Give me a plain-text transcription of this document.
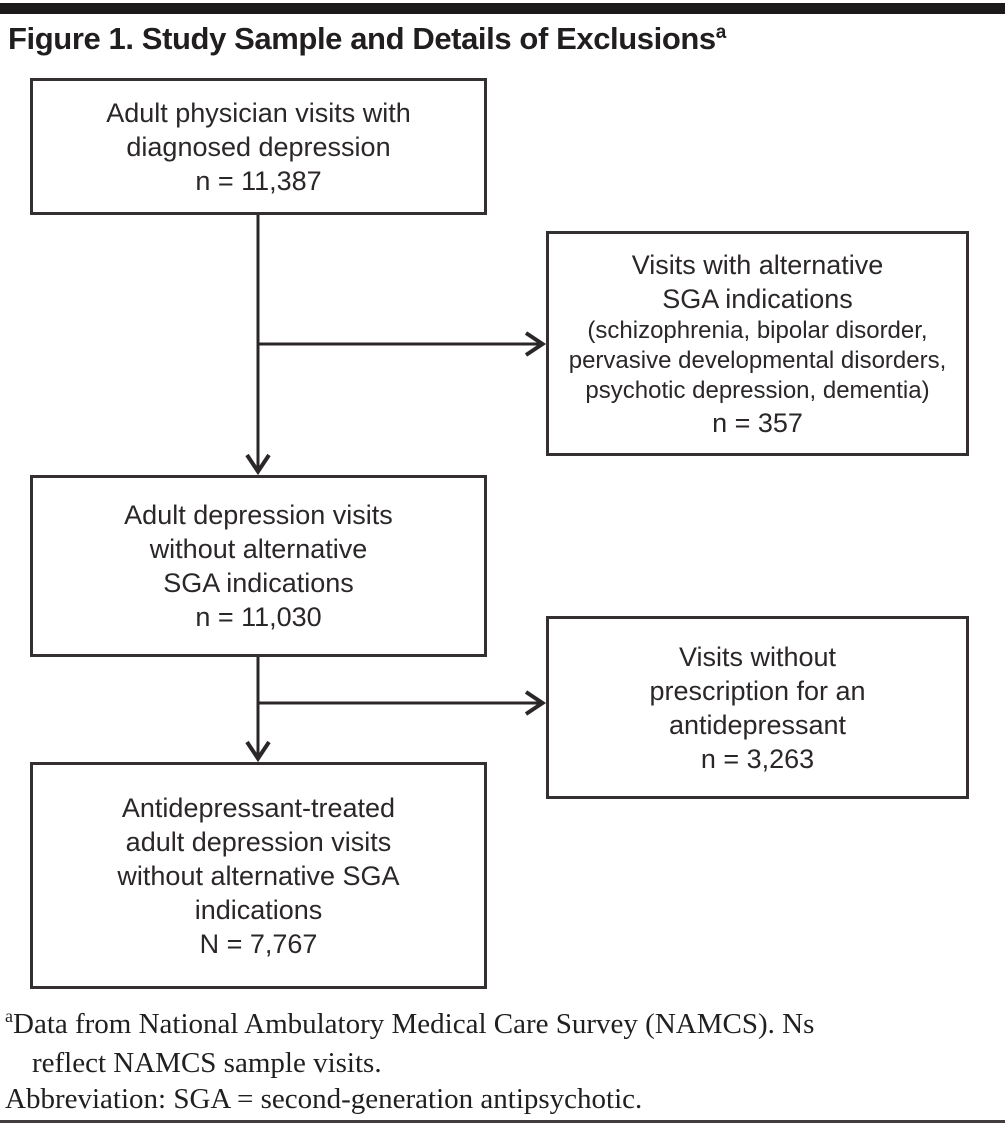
Figure 1. Study Sample and Details of Exclusions$^a$
Adult physician visits with
diagnosed depression
n = 11,387
Visits with alternative
SGA indications
(schizophrenia, bipolar disorder,
pervasive developmental disorders,
psychotic depression, dementia)
n = 357
Adult depression visits
without alternative
SGA indications
n = 11,030
Visits without
prescription for an
antidepressant
n = 3,263
Antidepressant-treated
adult depression visits
without alternative SGA
indications
N = 7,767
$^a$Data from National Ambulatory Medical Care Survey (NAMCS). Ns
reflect NAMCS sample visits.
Abbreviation: SGA = second-generation antipsychotic.
